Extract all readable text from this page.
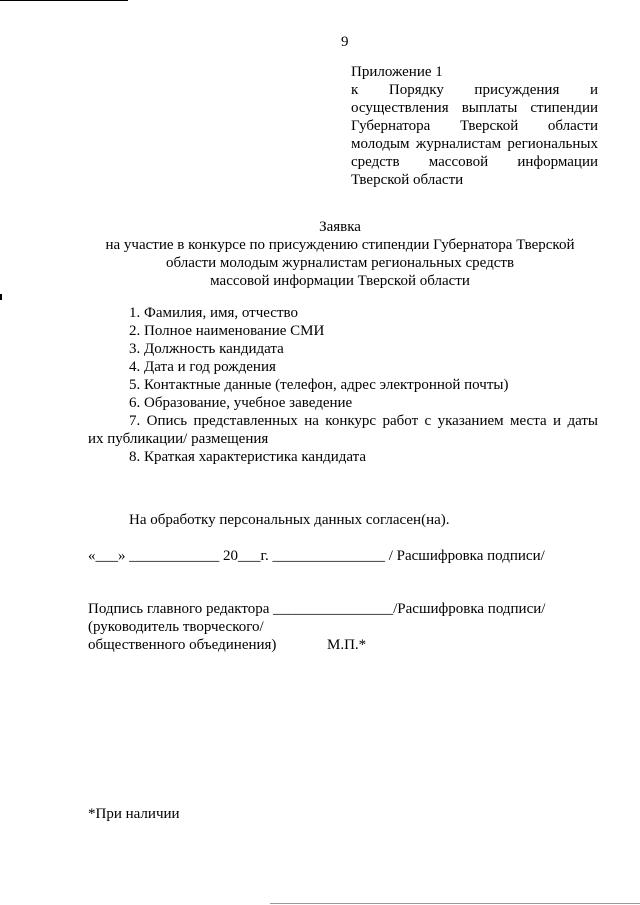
9
Приложение 1
к Порядку присуждения и
осуществления выплаты стипендии
Губернатора Тверской области
молодым журналистам региональных
средств массовой информации
Тверской области
Заявка
на участие в конкурсе по присуждению стипендии Губернатора Тверской
области молодым журналистам региональных средств
массовой информации Тверской области
1. Фамилия, имя, отчество
2. Полное наименование СМИ
3. Должность кандидата
4. Дата и год рождения
5. Контактные данные (телефон, адрес электронной почты)
6. Образование, учебное заведение
7. Опись представленных на конкурс работ с указанием места и даты
их публикации/ размещения
8. Краткая характеристика кандидата
На обработку персональных данных согласен(на).
«___» ____________ 20___г. _______________ / Расшифровка подписи/
Подпись главного редактора ________________/Расшифровка подписи/
(руководитель творческого/
общественного объединения)	М.П.*
*При наличии
